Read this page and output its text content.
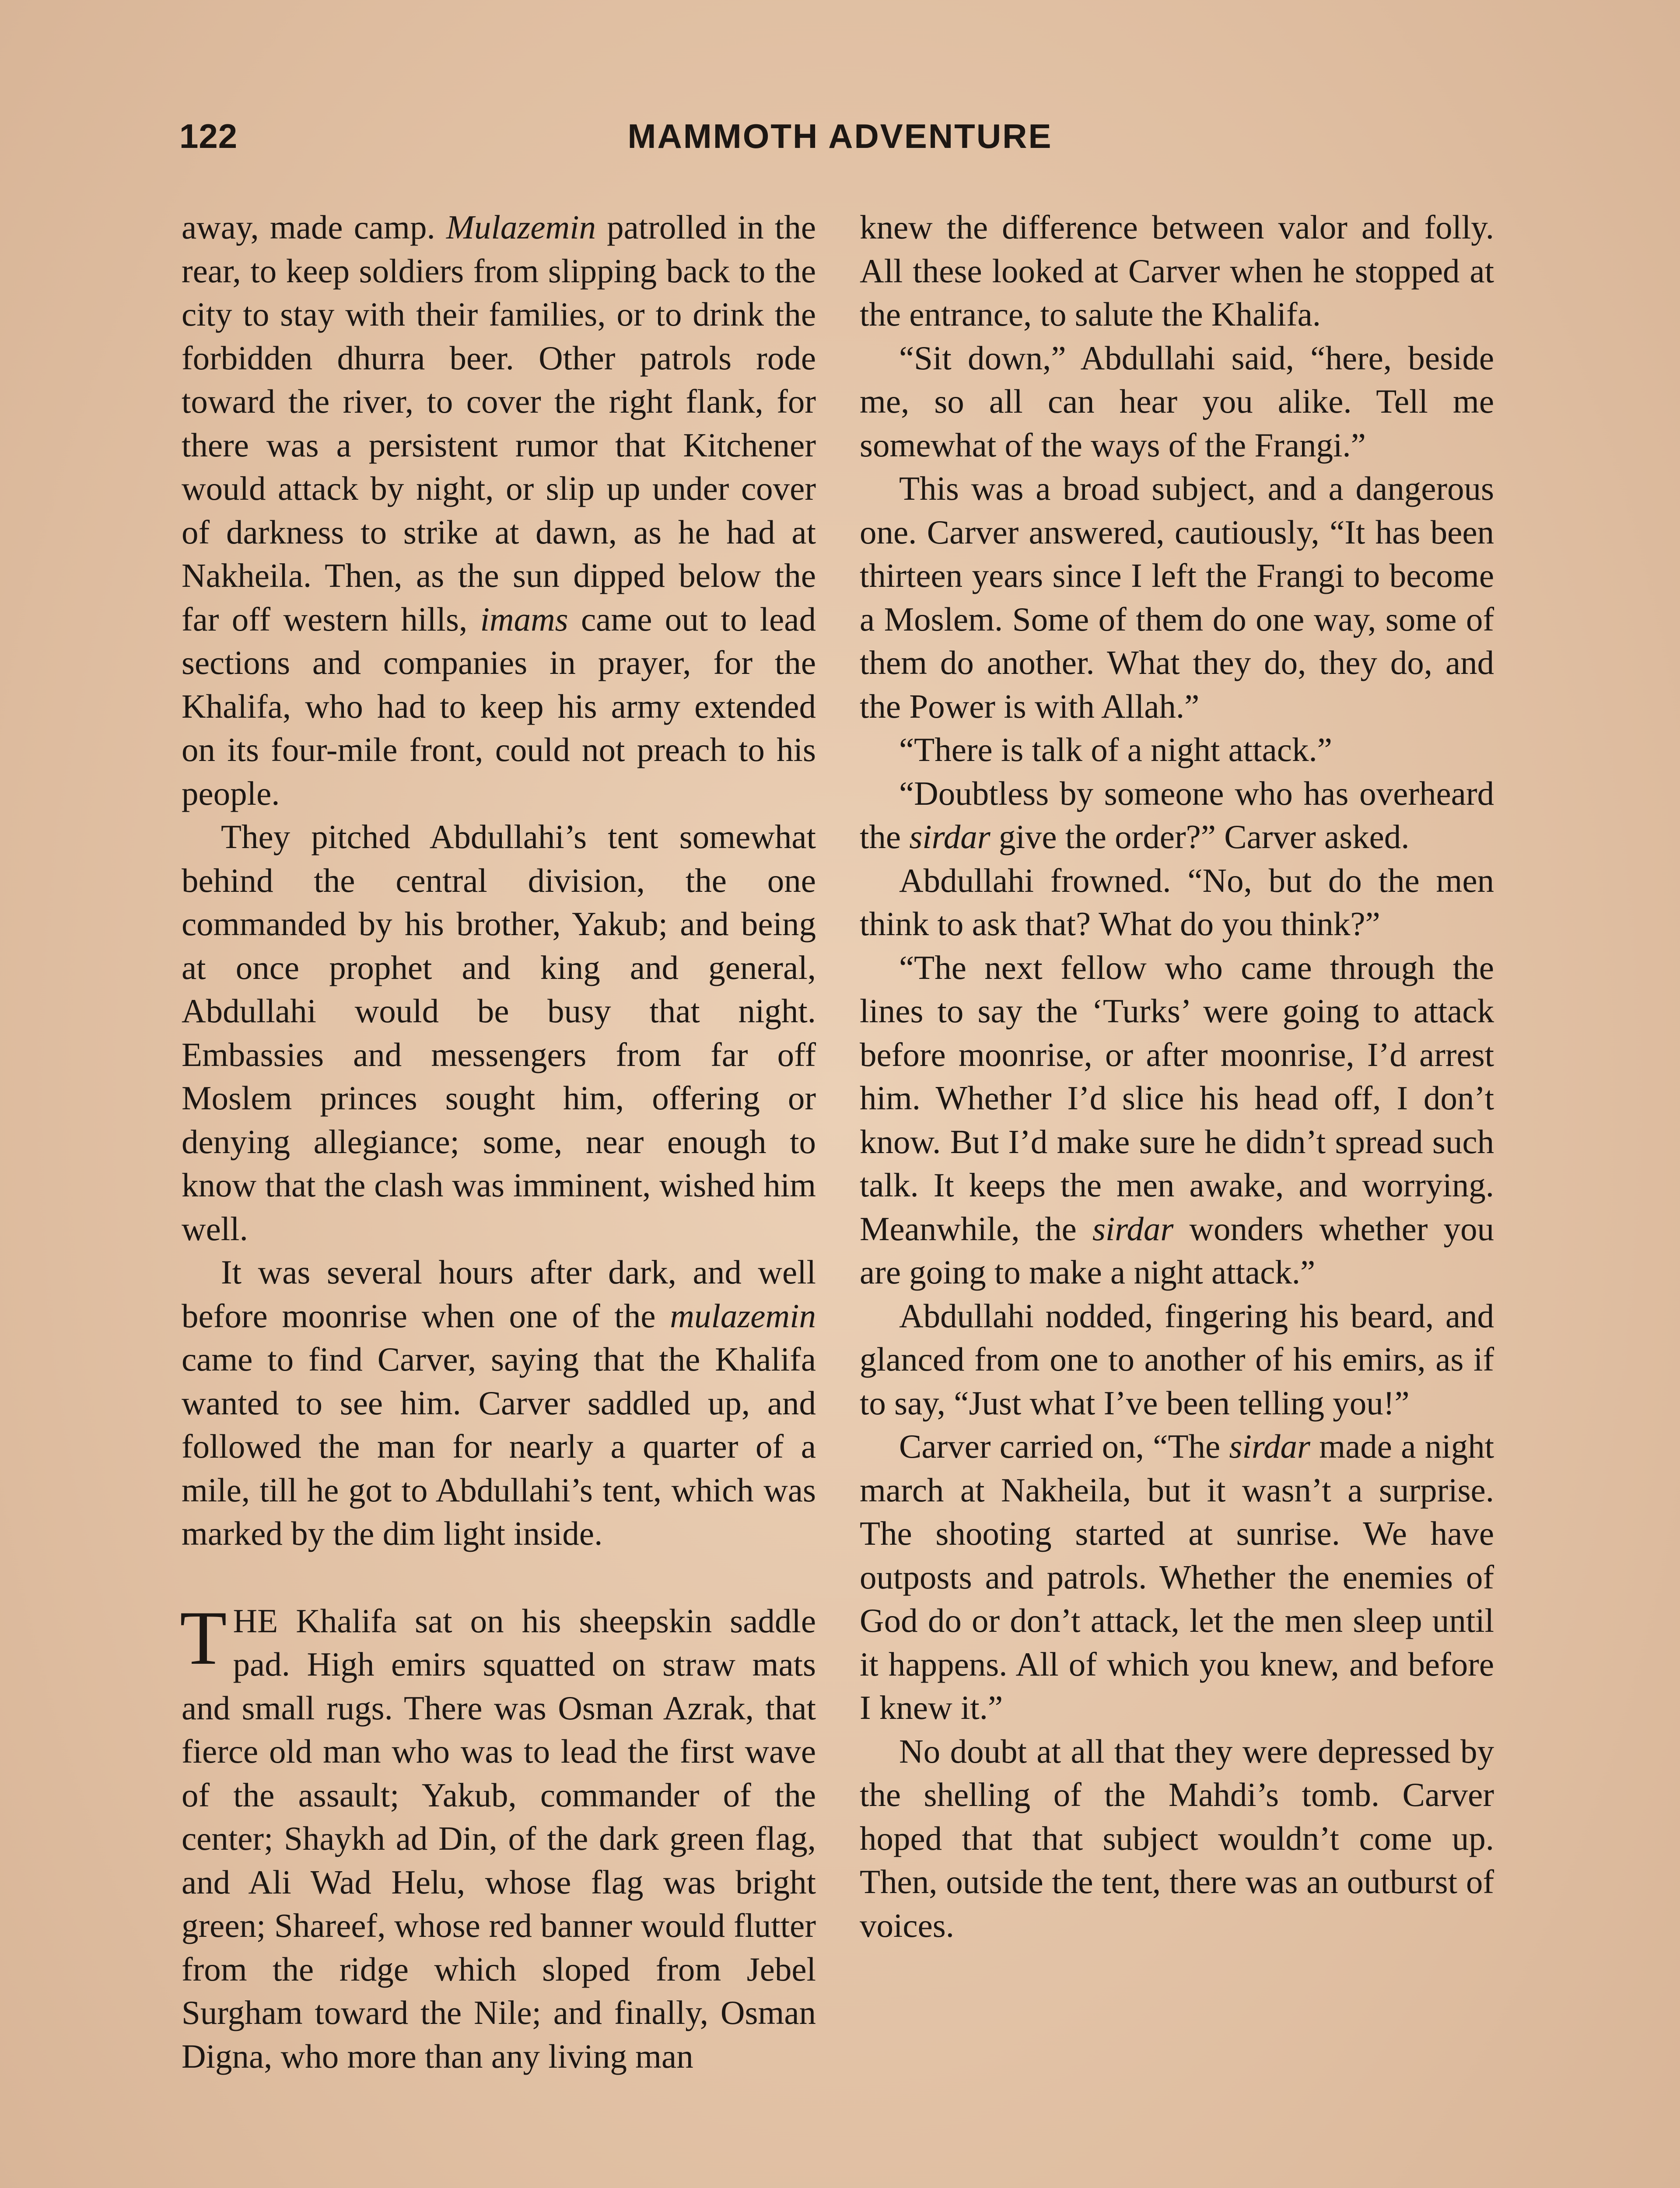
122	MAMMOTH ADVENTURE

away, made camp. Mulazemin patrolled in the rear, to keep soldiers from slipping back to the city to stay with their families, or to drink the forbidden dhurra beer. Other patrols rode toward the river, to cover the right flank, for there was a persistent rumor that Kitchener would attack by night, or slip up under cover of darkness to strike at dawn, as he had at Nakheila. Then, as the sun dipped below the far off western hills, imams came out to lead sections and companies in prayer, for the Khalifa, who had to keep his army extended on its four-mile front, could not preach to his people.

They pitched Abdullahi’s tent somewhat behind the central division, the one commanded by his brother, Yakub; and being at once prophet and king and general, Abdullahi would be busy that night. Embassies and messengers from far off Moslem princes sought him, offering or denying allegiance; some, near enough to know that the clash was imminent, wished him well.

It was several hours after dark, and well before moonrise when one of the mulazemin came to find Carver, saying that the Khalifa wanted to see him. Carver saddled up, and followed the man for nearly a quarter of a mile, till he got to Abdullahi’s tent, which was marked by the dim light inside.

THE Khalifa sat on his sheepskin saddle pad. High emirs squatted on straw mats and small rugs. There was Osman Azrak, that fierce old man who was to lead the first wave of the assault; Yakub, commander of the center; Shaykh ad Din, of the dark green flag, and Ali Wad Helu, whose flag was bright green; Shareef, whose red banner would flutter from the ridge which sloped from Jebel Surgham toward the Nile; and finally, Osman Digna, who more than any living man

knew the difference between valor and folly. All these looked at Carver when he stopped at the entrance, to salute the Khalifa.

“Sit down,” Abdullahi said, “here, beside me, so all can hear you alike. Tell me somewhat of the ways of the Frangi.”

This was a broad subject, and a dangerous one. Carver answered, cautiously, “It has been thirteen years since I left the Frangi to become a Moslem. Some of them do one way, some of them do another. What they do, they do, and the Power is with Allah.”

“There is talk of a night attack.”

“Doubtless by someone who has overheard the sirdar give the order?” Carver asked.

Abdullahi frowned. “No, but do the men think to ask that? What do you think?”

“The next fellow who came through the lines to say the ‘Turks’ were going to attack before moonrise, or after moonrise, I’d arrest him. Whether I’d slice his head off, I don’t know. But I’d make sure he didn’t spread such talk. It keeps the men awake, and worrying. Meanwhile, the sirdar wonders whether you are going to make a night attack.”

Abdullahi nodded, fingering his beard, and glanced from one to another of his emirs, as if to say, “Just what I’ve been telling you!”

Carver carried on, “The sirdar made a night march at Nakheila, but it wasn’t a surprise. The shooting started at sunrise. We have outposts and patrols. Whether the enemies of God do or don’t attack, let the men sleep until it happens. All of which you knew, and before I knew it.”

No doubt at all that they were depressed by the shelling of the Mahdi’s tomb. Carver hoped that that subject wouldn’t come up. Then, outside the tent, there was an outburst of voices.
